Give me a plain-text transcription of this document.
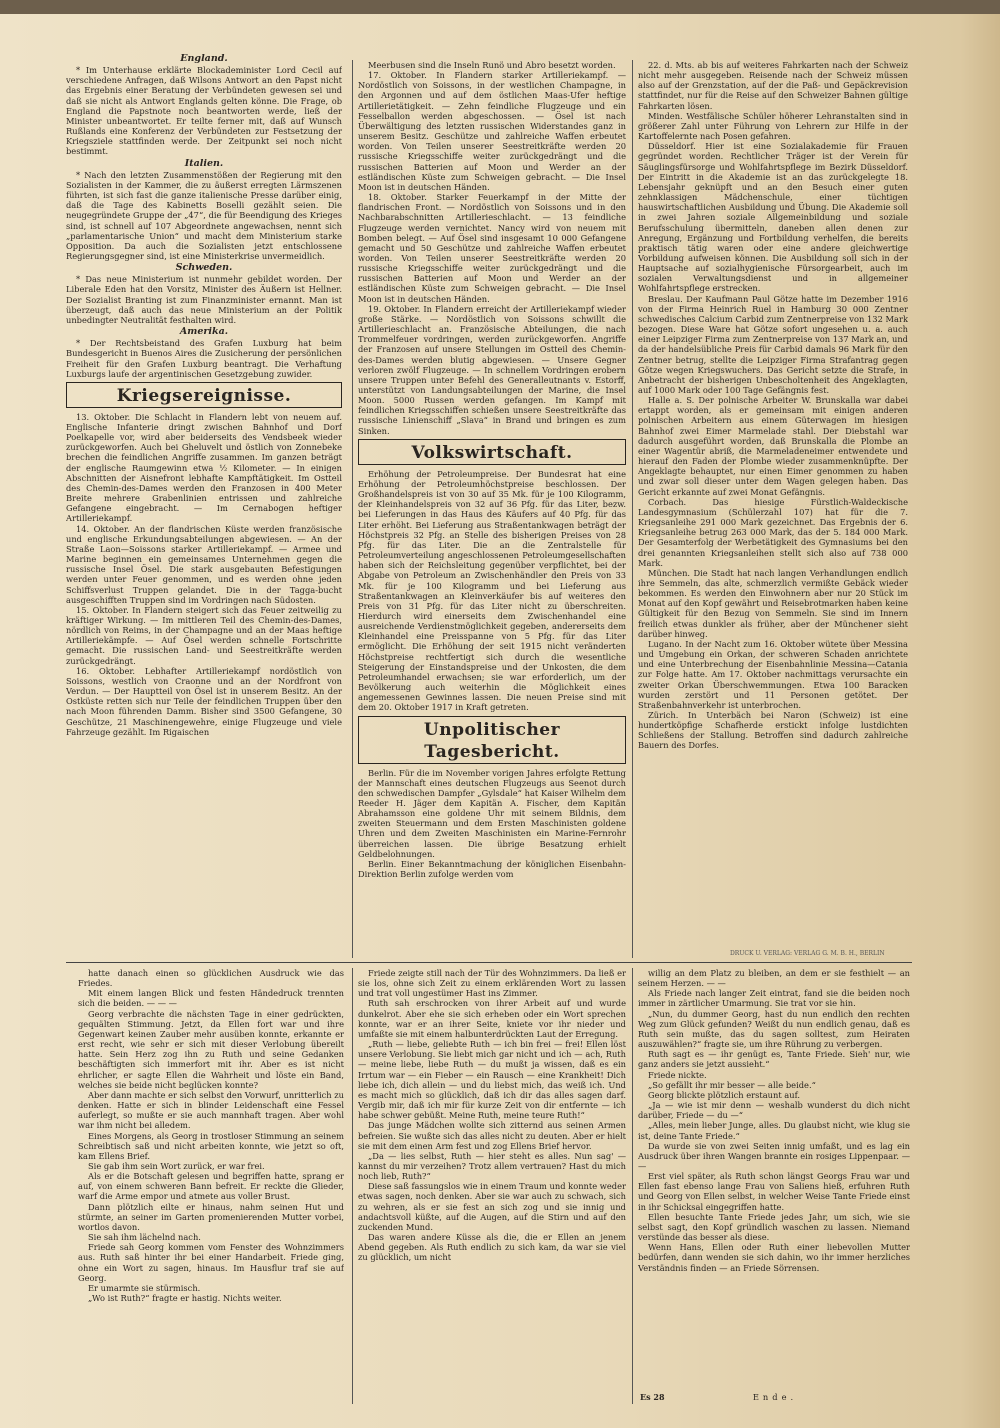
England.

* Im Unterhause erklärte Blockademinister Lord Cecil auf verschiedene Anfragen, daß Wilsons Antwort an den Papst nicht das Ergebnis einer Beratung der Verbündeten gewesen sei und daß sie nicht als Antwort Englands gelten könne. Die Frage, ob England die Papstnote noch beantworten werde, ließ der Minister unbeantwortet. Er teilte ferner mit, daß auf Wunsch Rußlands eine Konferenz der Verbündeten zur Festsetzung der Kriegsziele stattfinden werde. Der Zeitpunkt sei noch nicht bestimmt.

Italien.

* Nach den letzten Zusammenstößen der Regierung mit den Sozialisten in der Kammer, die zu äußerst erregten Lärmszenen führten, ist sich fast die ganze italienische Presse darüber einig, daß die Tage des Kabinetts Boselli gezählt seien. Die neugegründete Gruppe der „47“, die für Beendigung des Krieges sind, ist schnell auf 107 Abgeordnete angewachsen, nennt sich „parlamentarische Union“ und macht dem Ministerium starke Opposition. Da auch die Sozialisten jetzt entschlossene Regierungsgegner sind, ist eine Ministerkrise unvermeidlich.

Schweden.

* Das neue Ministerium ist nunmehr gebildet worden. Der Liberale Eden hat den Vorsitz, Minister des Äußern ist Hellner. Der Sozialist Branting ist zum Finanzminister ernannt. Man ist überzeugt, daß auch das neue Ministerium an der Politik unbedingter Neutralität festhalten wird.

Amerika.

* Der Rechtsbeistand des Grafen Luxburg hat beim Bundesgericht in Buenos Aires die Zusicherung der persönlichen Freiheit für den Grafen Luxburg beantragt. Die Verhaftung Luxburgs laufe der argentinischen Gesetzgebung zuwider.

Kriegsereignisse.

13. Oktober. Die Schlacht in Flandern lebt von neuem auf. Englische Infanterie dringt zwischen Bahnhof und Dorf Poelkapelle vor, wird aber beiderseits des Vendsbeek wieder zurückgeworfen. Auch bei Gheluvelt und östlich von Zonnebeke brechen die feindlichen Angriffe zusammen. Im ganzen beträgt der englische Raumgewinn etwa ½ Kilometer. — In einigen Abschnitten der Aisnefront lebhafte Kampftätigkeit. Im Ostteil des Chemin-des-Dames werden den Franzosen in 400 Meter Breite mehrere Grabenlinien entrissen und zahlreiche Gefangene eingebracht. — Im Cernabogen heftiger Artilleriekampf.

14. Oktober. An der flandrischen Küste werden französische und englische Erkundungsabteilungen abgewiesen. — An der Straße Laon—Soissons starker Artilleriekampf. — Armee und Marine beginnen ein gemeinsames Unternehmen gegen die russische Insel Ösel. Die stark ausgebauten Befestigungen werden unter Feuer genommen, und es werden ohne jeden Schiffsverlust Truppen gelandet. Die in der Tagga-bucht ausgeschifften Truppen sind im Vordringen nach Südosten.

15. Oktober. In Flandern steigert sich das Feuer zeitweilig zu kräftiger Wirkung. — Im mittleren Teil des Chemin-des-Dames, nördlich von Reims, in der Champagne und an der Maas heftige Artilleriekämpfe. — Auf Ösel werden schnelle Fortschritte gemacht. Die russischen Land- und Seestreitkräfte werden zurückgedrängt.

16. Oktober. Lebhafter Artilleriekampf nordöstlich von Soissons, westlich von Craonne und an der Nordfront von Verdun. — Der Hauptteil von Ösel ist in unserem Besitz. An der Ostküste retten sich nur Teile der feindlichen Truppen über den nach Moon führenden Damm. Bisher sind 3500 Gefangene, 30 Geschütze, 21 Maschinengewehre, einige Flugzeuge und viele Fahrzeuge gezählt. Im Rigaischen

Meerbusen sind die Inseln Runö und Abro besetzt worden.

17. Oktober. In Flandern starker Artilleriekampf. — Nordöstlich von Soissons, in der westlichen Champagne, in den Argonnen und auf dem östlichen Maas-Ufer heftige Artillerietätigkeit. — Zehn feindliche Flugzeuge und ein Fesselballon werden abgeschossen. — Ösel ist nach Überwältigung des letzten russischen Widerstandes ganz in unserem Besitz. Geschütze und zahlreiche Waffen erbeutet worden. Von Teilen unserer Seestreitkräfte werden 20 russische Kriegsschiffe weiter zurückgedrängt und die russischen Batterien auf Moon und Werder an der estländischen Küste zum Schweigen gebracht. — Die Insel Moon ist in deutschen Händen.

18. Oktober. Starker Feuerkampf in der Mitte der flandrischen Front. — Nordöstlich von Soissons und in den Nachbarabschnitten Artillerieschlacht. — 13 feindliche Flugzeuge werden vernichtet. Nancy wird von neuem mit Bomben belegt. — Auf Ösel sind insgesamt 10 000 Gefangene gemacht und 50 Geschütze und zahlreiche Waffen erbeutet worden. Von Teilen unserer Seestreitkräfte werden 20 russische Kriegsschiffe weiter zurückgedrängt und die russischen Batterien auf Moon und Werder an der estländischen Küste zum Schweigen gebracht. — Die Insel Moon ist in deutschen Händen.

19. Oktober. In Flandern erreicht der Artilleriekampf wieder große Stärke. — Nordöstlich von Soissons schwillt die Artillerieschlacht an. Französische Abteilungen, die nach Trommelfeuer vordringen, werden zurückgeworfen. Angriffe der Franzosen auf unsere Stellungen im Ostteil des Chemin-des-Dames werden blutig abgewiesen. — Unsere Gegner verloren zwölf Flugzeuge. — In schnellem Vordringen erobern unsere Truppen unter Befehl des Generalleutnants v. Estorff, unterstützt von Landungsabteilungen der Marine, die Insel Moon. 5000 Russen werden gefangen. Im Kampf mit feindlichen Kriegsschiffen schießen unsere Seestreitkräfte das russische Linienschiff „Slava“ in Brand und bringen es zum Sinken.

Volkswirtschaft.

Erhöhung der Petroleumpreise. Der Bundesrat hat eine Erhöhung der Petroleumhöchstpreise beschlossen. Der Großhandelspreis ist von 30 auf 35 Mk. für je 100 Kilogramm, der Kleinhandelspreis von 32 auf 36 Pfg. für das Liter, bezw. bei Lieferungen in das Haus des Käufers auf 40 Pfg. für das Liter erhöht. Bei Lieferung aus Straßentankwagen beträgt der Höchstpreis 32 Pfg. an Stelle des bisherigen Preises von 28 Pfg. für das Liter. Die an die Zentralstelle für Petroleumverteilung angeschlossenen Petroleumgesellschaften haben sich der Reichsleitung gegenüber verpflichtet, bei der Abgabe von Petroleum an Zwischenhändler den Preis von 33 Mk. für je 100 Kilogramm und bei Lieferung aus Straßentankwagen an Kleinverkäufer bis auf weiteres den Preis von 31 Pfg. für das Liter nicht zu überschreiten. Hierdurch wird einerseits dem Zwischenhandel eine ausreichende Verdienstmöglichkeit gegeben, andererseits dem Kleinhandel eine Preisspanne von 5 Pfg. für das Liter ermöglicht. Die Erhöhung der seit 1915 nicht veränderten Höchstpreise rechtfertigt sich durch die wesentliche Steigerung der Einstandspreise und der Unkosten, die dem Petroleumhandel erwachsen; sie war erforderlich, um der Bevölkerung auch weiterhin die Möglichkeit eines angemessenen Gewinnes lassen. Die neuen Preise sind mit dem 20. Oktober 1917 in Kraft getreten.

Unpolitischer Tagesbericht.

Berlin. Für die im November vorigen Jahres erfolgte Rettung der Mannschaft eines deutschen Flugzeugs aus Seenot durch den schwedischen Dampfer „Gylsdale“ hat Kaiser Wilhelm dem Reeder H. Jäger dem Kapitän A. Fischer, dem Kapitän Abrahamsson eine goldene Uhr mit seinem Bildnis, dem zweiten Steuermann und dem Ersten Maschinisten goldene Uhren und dem Zweiten Maschinisten ein Marine-Fernrohr überreichen lassen. Die übrige Besatzung erhielt Geldbelohnungen.

Berlin. Einer Bekanntmachung der königlichen Eisenbahn-Direktion Berlin zufolge werden vom

22. d. Mts. ab bis auf weiteres Fahrkarten nach der Schweiz nicht mehr ausgegeben. Reisende nach der Schweiz müssen also auf der Grenzstation, auf der die Paß- und Gepäckrevision stattfindet, nur für die Reise auf den Schweizer Bahnen gültige Fahrkarten lösen.

Minden. Westfälische Schüler höherer Lehranstalten sind in größerer Zahl unter Führung von Lehrern zur Hilfe in der Kartoffelernte nach Posen gefahren.

Düsseldorf. Hier ist eine Sozialakademie für Frauen gegründet worden. Rechtlicher Träger ist der Verein für Säuglingsfürsorge und Wohlfahrtspflege im Bezirk Düsseldorf. Der Eintritt in die Akademie ist an das zurückgelegte 18. Lebensjahr geknüpft und an den Besuch einer guten zehnklassigen Mädchenschule, einer tüchtigen hauswirtschaftlichen Ausbildung und Übung. Die Akademie soll in zwei Jahren soziale Allgemeinbildung und soziale Berufsschulung übermitteln, daneben allen denen zur Anregung, Ergänzung und Fortbildung verhelfen, die bereits praktisch tätig waren oder eine andere gleichwertige Vorbildung aufweisen können. Die Ausbildung soll sich in der Hauptsache auf sozialhygienische Fürsorgearbeit, auch im sozialen Verwaltungsdienst und in allgemeiner Wohlfahrtspflege erstrecken.

Breslau. Der Kaufmann Paul Götze hatte im Dezember 1916 von der Firma Heinrich Ruel in Hamburg 30 000 Zentner schwedisches Calcium Carbid zum Zentnerpreise von 132 Mark bezogen. Diese Ware hat Götze sofort ungesehen u. a. auch einer Leipziger Firma zum Zentnerpreise von 137 Mark an, und da der handelsübliche Preis für Carbid damals 96 Mark für den Zentner betrug, stellte die Leipziger Firma Strafantrag gegen Götze wegen Kriegswuchers. Das Gericht setzte die Strafe, in Anbetracht der bisherigen Unbescholtenheit des Angeklagten, auf 1000 Mark oder 100 Tage Gefängnis fest.

Halle a. S. Der polnische Arbeiter W. Brunskalla war dabei ertappt worden, als er gemeinsam mit einigen anderen polnischen Arbeitern aus einem Güterwagen im hiesigen Bahnhof zwei Eimer Marmelade stahl. Der Diebstahl war dadurch ausgeführt worden, daß Brunskalla die Plombe an einer Wagentür abriß, die Marmeladeneimer entwendete und hierauf den Faden der Plombe wieder zusammenknüpfte. Der Angeklagte behauptet, nur einen Eimer genommen zu haben und zwar soll dieser unter dem Wagen gelegen haben. Das Gericht erkannte auf zwei Monat Gefängnis.

Corbach. Das hiesige Fürstlich-Waldeckische Landesgymnasium (Schülerzahl 107) hat für die 7. Kriegsanleihe 291 000 Mark gezeichnet. Das Ergebnis der 6. Kriegsanleihe betrug 263 000 Mark, das der 5. 184 000 Mark. Der Gesamterfolg der Werbetätigkeit des Gymnasiums bei den drei genannten Kriegsanleihen stellt sich also auf 738 000 Mark.

München. Die Stadt hat nach langen Verhandlungen endlich ihre Semmeln, das alte, schmerzlich vermißte Gebäck wieder bekommen. Es werden den Einwohnern aber nur 20 Stück im Monat auf den Kopf gewährt und Reisebrotmarken haben keine Gültigkeit für den Bezug von Semmeln. Sie sind im Innern freilich etwas dunkler als früher, aber der Münchener sieht darüber hinweg.

Lugano. In der Nacht zum 16. Oktober wütete über Messina und Umgebung ein Orkan, der schweren Schaden anrichtete und eine Unterbrechung der Eisenbahnlinie Messina—Catania zur Folge hatte. Am 17. Oktober nachmittags verursachte ein zweiter Orkan Überschwemmungen. Etwa 100 Baracken wurden zerstört und 11 Personen getötet. Der Straßenbahnverkehr ist unterbrochen.

Zürich. In Unterbäch bei Naron (Schweiz) ist eine hundertköpfige Schafherde erstickt infolge lustdichten Schließens der Stallung. Betroffen sind dadurch zahlreiche Bauern des Dorfes.

DRUCK U. VERLAG: VERLAG G. M. B. H., BERLIN

hatte danach einen so glücklichen Ausdruck wie das Friedes.

Mit einem langen Blick und festen Händedruck trennten sich die beiden. — — —

Georg verbrachte die nächsten Tage in einer gedrückten, gequälten Stimmung. Jetzt, da Ellen fort war und ihre Gegenwart keinen Zauber mehr ausüben konnte, erkannte er erst recht, wie sehr er sich mit dieser Verlobung übereilt hatte. Sein Herz zog ihn zu Ruth und seine Gedanken beschäftigten sich immerfort mit ihr. Aber es ist nicht ehrlicher, er sagte Ellen die Wahrheit und löste ein Band, welches sie beide nicht beglücken konnte?

Aber dann machte er sich selbst den Vorwurf, unritterlich zu denken. Hatte er sich in blinder Leidenschaft eine Fessel auferlegt, so mußte er sie auch mannhaft tragen. Aber wohl war ihm nicht bei alledem.

Eines Morgens, als Georg in trostloser Stimmung an seinem Schreibtisch saß und nicht arbeiten konnte, wie jetzt so oft, kam Ellens Brief.

Sie gab ihm sein Wort zurück, er war frei.

Als er die Botschaft gelesen und begriffen hatte, sprang er auf, von einem schweren Bann befreit. Er reckte die Glieder, warf die Arme empor und atmete aus voller Brust.

Dann plötzlich eilte er hinaus, nahm seinen Hut und stürmte, an seiner im Garten promenierenden Mutter vorbei, wortlos davon.

Sie sah ihm lächelnd nach.

Friede sah Georg kommen vom Fenster des Wohnzimmers aus. Ruth saß hinter ihr bei einer Handarbeit. Friede ging, ohne ein Wort zu sagen, hinaus. Im Hausflur traf sie auf Georg.

Er umarmte sie stürmisch.

„Wo ist Ruth?“ fragte er hastig. Nichts weiter.

Friede zeigte still nach der Tür des Wohnzimmers. Da ließ er sie los, ohne sich Zeit zu einem erklärenden Wort zu lassen und trat voll ungestümer Hast ins Zimmer.

Ruth sah erschrocken von ihrer Arbeit auf und wurde dunkelrot. Aber ehe sie sich erheben oder ein Wort sprechen konnte, war er an ihrer Seite, kniete vor ihr nieder und umfaßte sie mit einem halbunterdrückten Laut der Erregung.

„Ruth — liebe, geliebte Ruth — ich bin frei — frei! Ellen löst unsere Verlobung. Sie liebt mich gar nicht und ich — ach, Ruth — meine liebe, liebe Ruth — du mußt ja wissen, daß es ein Irrtum war — ein Fieber — ein Rausch — eine Krankheit! Dich liebe ich, dich allein — und du liebst mich, das weiß ich. Und es macht mich so glücklich, daß ich dir das alles sagen darf. Vergib mir, daß ich mir für kurze Zeit von dir entfernte — ich habe schwer gebüßt. Meine Ruth, meine teure Ruth!“

Das junge Mädchen wollte sich zitternd aus seinen Armen befreien. Sie wußte sich das alles nicht zu deuten. Aber er hielt sie mit dem einen Arm fest und zog Ellens Brief hervor.

„Da — lies selbst, Ruth — hier steht es alles. Nun sag' — kannst du mir verzeihen? Trotz allem vertrauen? Hast du mich noch lieb, Ruth?“

Diese saß fassungslos wie in einem Traum und konnte weder etwas sagen, noch denken. Aber sie war auch zu schwach, sich zu wehren, als er sie fest an sich zog und sie innig und andachtsvoll küßte, auf die Augen, auf die Stirn und auf den zuckenden Mund.

Das waren andere Küsse als die, die er Ellen an jenem Abend gegeben. Als Ruth endlich zu sich kam, da war sie viel zu glücklich, um nicht

willig an dem Platz zu bleiben, an dem er sie festhielt — an seinem Herzen. — —

Als Friede nach langer Zeit eintrat, fand sie die beiden noch immer in zärtlicher Umarmung. Sie trat vor sie hin.

„Nun, du dummer Georg, hast du nun endlich den rechten Weg zum Glück gefunden? Weißt du nun endlich genau, daß es Ruth sein mußte, das du sagen solltest, zum Heiraten auszuwählen?“ fragte sie, um ihre Rührung zu verbergen.

Ruth sagt es — ihr genügt es, Tante Friede. Sieh' nur, wie ganz anders sie jetzt aussieht.“

Friede nickte.

„So gefällt ihr mir besser — alle beide.“

Georg blickte plötzlich erstaunt auf.

„Ja — wie ist mir denn — weshalb wunderst du dich nicht darüber, Friede — du —“

„Alles, mein lieber Junge, alles. Du glaubst nicht, wie klug sie ist, deine Tante Friede.“

Da wurde sie von zwei Seiten innig umfaßt, und es lag ein Ausdruck über ihren Wangen brannte ein rosiges Lippenpaar. — —

Erst viel später, als Ruth schon längst Georgs Frau war und Ellen fast ebenso lange Frau von Saliens hieß, erfuhren Ruth und Georg von Ellen selbst, in welcher Weise Tante Friede einst in ihr Schicksal eingegriffen hatte.

Ellen besuchte Tante Friede jedes Jahr, um sich, wie sie selbst sagt, den Kopf gründlich waschen zu lassen. Niemand verstünde das besser als diese.

Wenn Hans, Ellen oder Ruth einer liebevollen Mutter bedürfen, dann wenden sie sich dahin, wo ihr immer herzliches Verständnis finden — an Friede Sörrensen.

Ende.
Es 28
